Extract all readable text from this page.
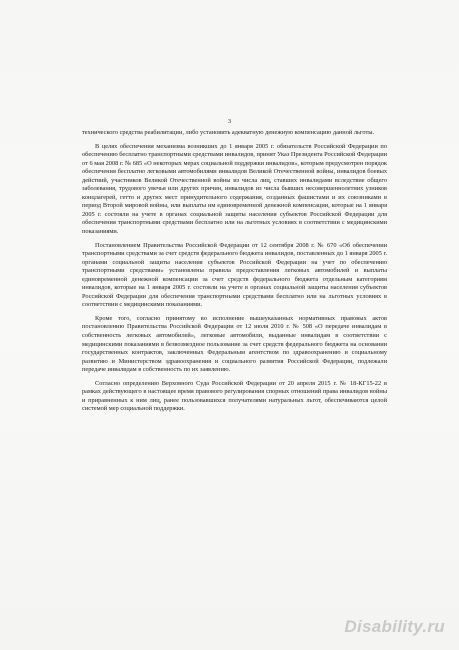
3

технического средства реабилитации, либо установить адекватную денежную компенсацию данной льготы.

В целях обеспечения механизма возникших до 1 января 2005 г. обязательств Российской Федерации по обеспечению бесплатно транспортными средствами инвалидов, принят Указ Президента Российской Федерации от 6 мая 2008 г. № 685 «О некоторых мерах социальной поддержки инвалидов», которым предусмотрен порядок обеспечения бесплатно легковыми автомобилями инвалидов Великой Отечественной войны, инвалидов боевых действий, участников Великой Отечественной войны из числа лиц, ставших инвалидами вследствие общего заболевания, трудового увечья или других причин, инвалидов из числа бывших несовершеннолетних узников концлагерей, гетто и других мест принудительного содержания, созданных фашистами и их союзниками в период Второй мировой войны, или выплаты им единовременной денежной компенсации, которые на 1 января 2005 г. состояли на учете в органах социальной защиты населения субъектов Российской Федерации для обеспечения транспортными средствами бесплатно или на льготных условиях в соответствии с медицинскими показаниями.

Постановлением Правительства Российской Федерации от 12 сентября 2008 г. № 670 «Об обеспечении транспортными средствами за счет средств федерального бюджета инвалидов, поставленных до 1 января 2005 г. органами социальной защиты населения субъектов Российской Федерации на учет по обеспечению транспортными средствами» установлены правила предоставления легковых автомобилей и выплаты единовременной денежной компенсации за счет средств федерального бюджета отдельным категориям инвалидов, которые на 1 января 2005 г. состояли на учете в органах социальной защиты населения субъектов Российской Федерации для обеспечения транспортными средствами бесплатно или на льготных условиях в соответствии с медицинскими показаниями.

Кроме того, согласно принятому во исполнение вышеуказанных нормативных правовых актов постановлению Правительства Российской Федерации от 12 июля 2010 г. № 508 «О передаче инвалидам в собственность легковых автомобилей», легковые автомобили, выданные инвалидам в соответствии с медицинскими показаниями в безвозмездное пользование за счет средств федерального бюджета на основании государственных контрактов, заключенных Федеральным агентством по здравоохранению и социальному развитию и Министерством здравоохранения и социального развития Российской Федерации, подлежали передаче инвалидам в собственность по их заявлению.

Согласно определению Верховного Суда Российской Федерации от 20 апреля 2015 г. № 18-КГ15-22 в рамках действующего в настоящее время правового регулирования спорных отношений права инвалидов войны и приравненных к ним лиц, ранее пользовавшихся получателями натуральных льгот, обеспечиваются целой системой мер социальной поддержки.

Disability.ru
